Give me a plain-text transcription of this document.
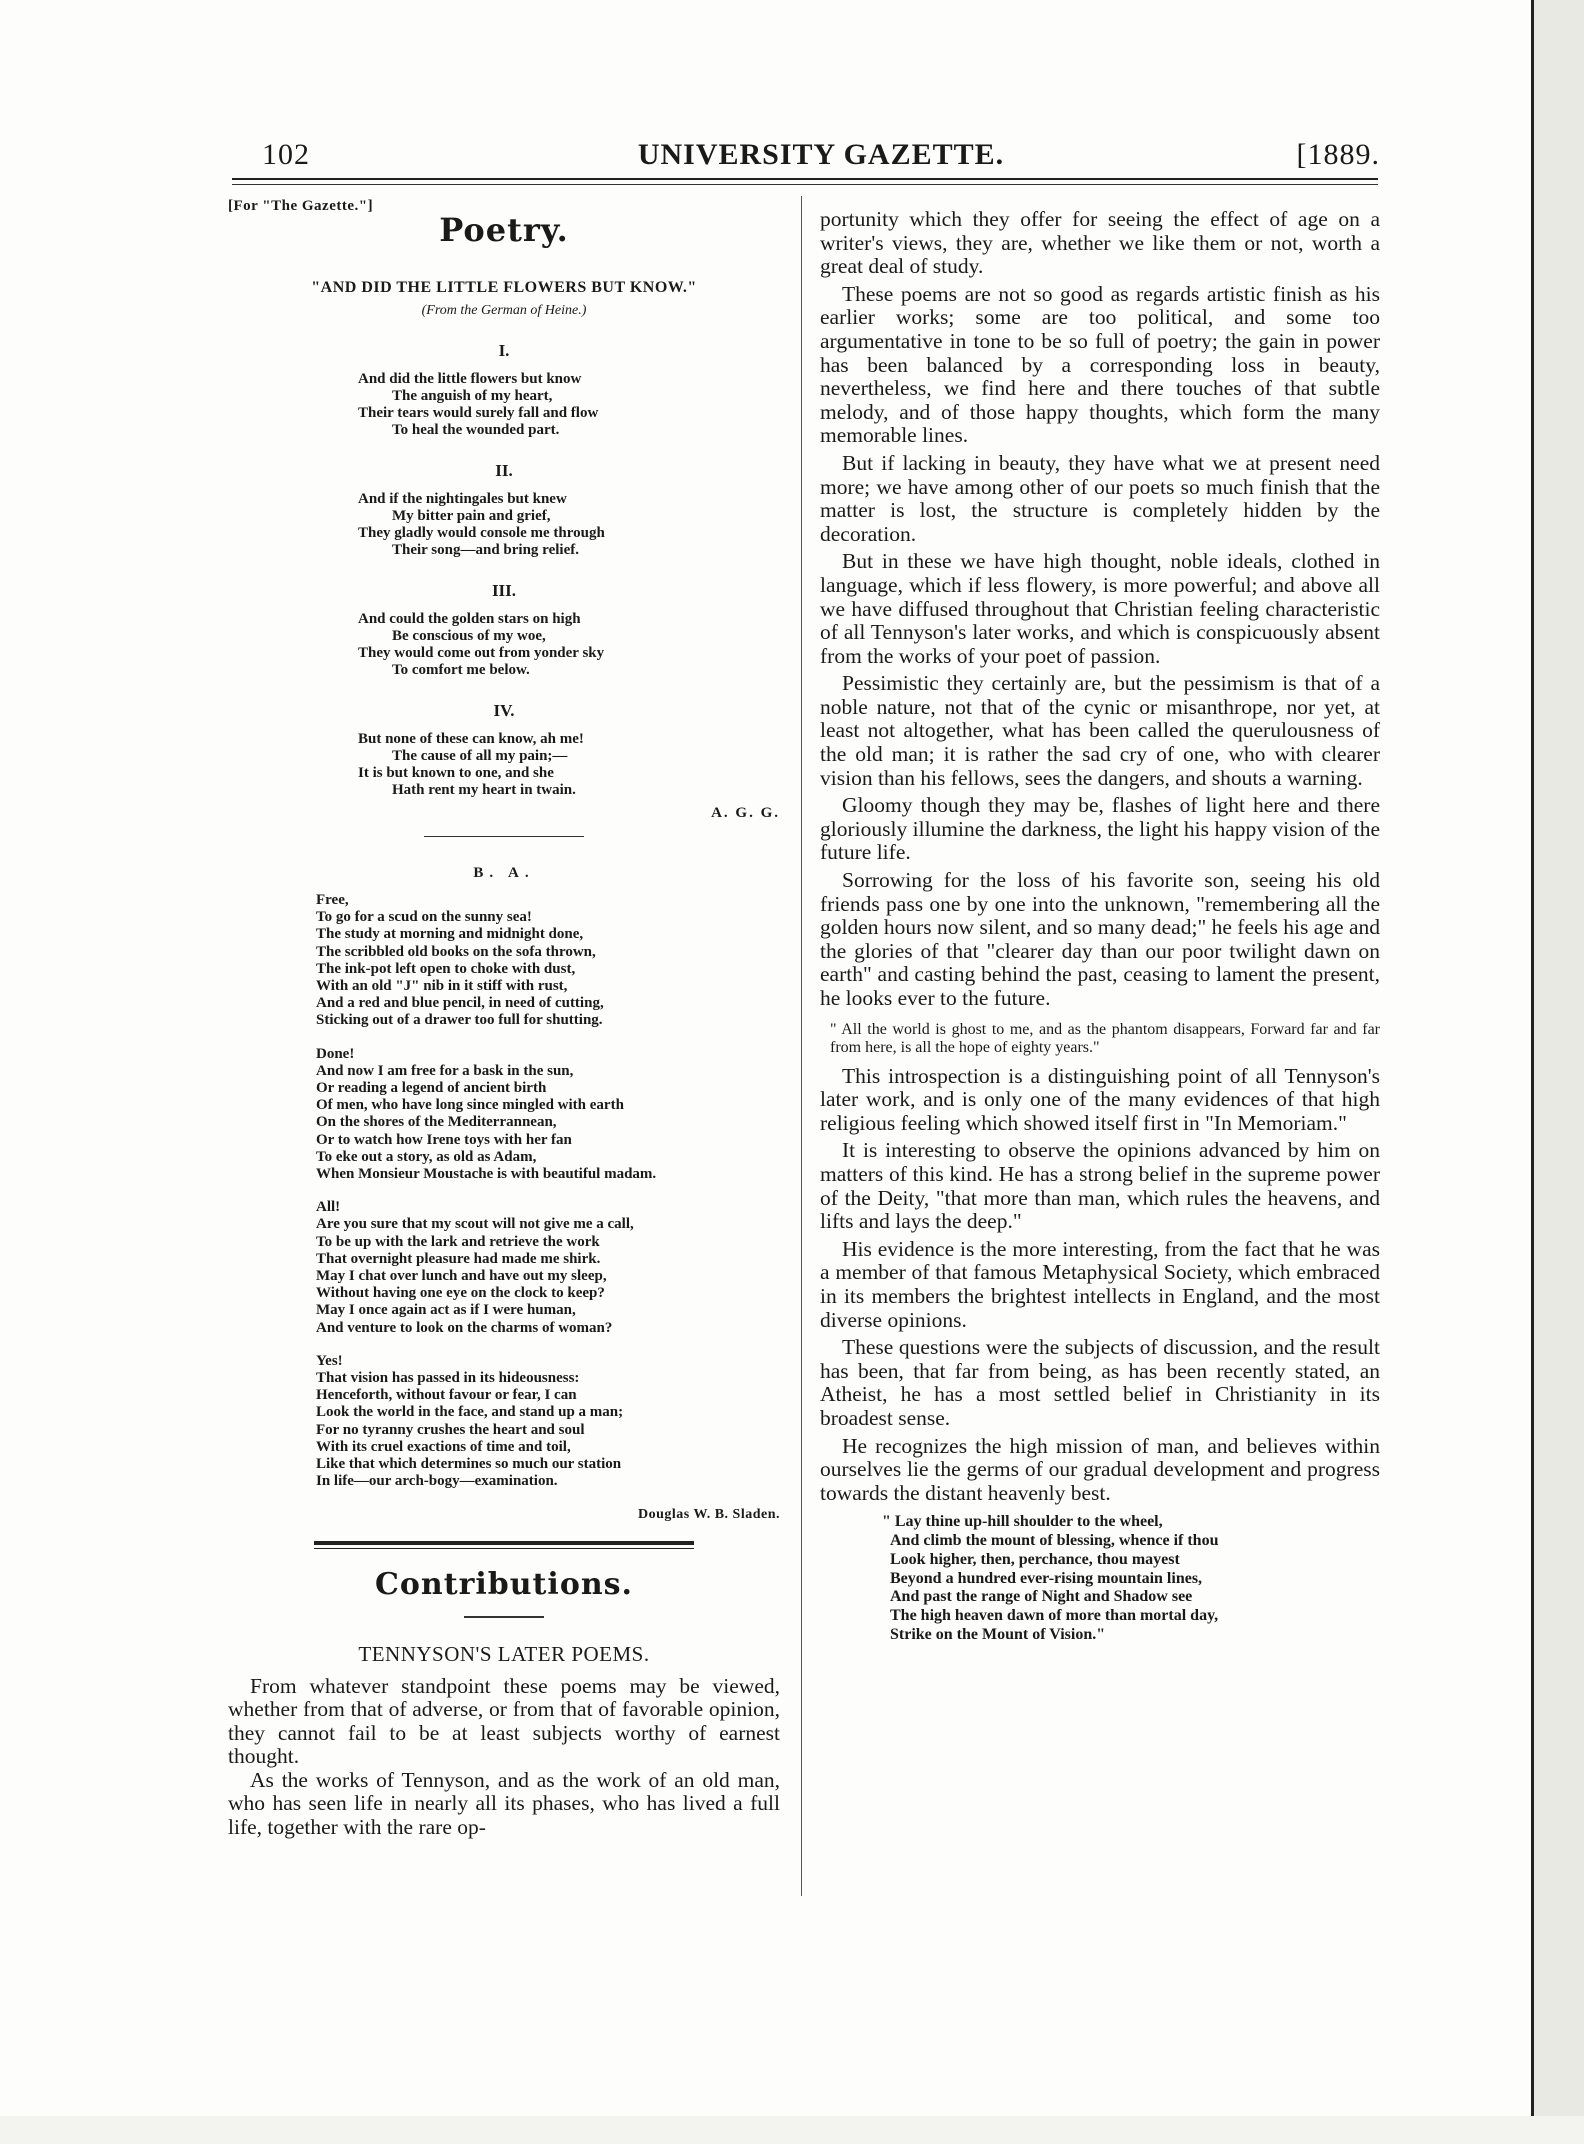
102	UNIVERSITY GAZETTE.	[1889.
[For "The Gazette."]
Poetry.
"AND DID THE LITTLE FLOWERS BUT KNOW."
(From the German of Heine.)
I.
And did the little flowers but know
The anguish of my heart,
Their tears would surely fall and flow
To heal the wounded part.
II.
And if the nightingales but knew
My bitter pain and grief,
They gladly would console me through
Their song—and bring relief.
III.
And could the golden stars on high
Be conscious of my woe,
They would come out from yonder sky
To comfort me below.
IV.
But none of these can know, ah me!
The cause of all my pain;—
It is but known to one, and she
Hath rent my heart in twain.
A. G. G.
B. A.
Free,
To go for a scud on the sunny sea!
The study at morning and midnight done,
The scribbled old books on the sofa thrown,
The ink-pot left open to choke with dust,
With an old "J" nib in it stiff with rust,
And a red and blue pencil, in need of cutting,
Sticking out of a drawer too full for shutting.
Done!
And now I am free for a bask in the sun,
Or reading a legend of ancient birth
Of men, who have long since mingled with earth
On the shores of the Mediterrannean,
Or to watch how Irene toys with her fan
To eke out a story, as old as Adam,
When Monsieur Moustache is with beautiful madam.
All!
Are you sure that my scout will not give me a call,
To be up with the lark and retrieve the work
That overnight pleasure had made me shirk.
May I chat over lunch and have out my sleep,
Without having one eye on the clock to keep?
May I once again act as if I were human,
And venture to look on the charms of woman?
Yes!
That vision has passed in its hideousness:
Henceforth, without favour or fear, I can
Look the world in the face, and stand up a man;
For no tyranny crushes the heart and soul
With its cruel exactions of time and toil,
Like that which determines so much our station
In life—our arch-bogy—examination.
Douglas W. B. Sladen.
Contributions.
TENNYSON'S LATER POEMS.

From whatever standpoint these poems may be viewed, whether from that of adverse, or from that of favorable opinion, they cannot fail to be at least subjects worthy of earnest thought.

As the works of Tennyson, and as the work of an old man, who has seen life in nearly all its phases, who has lived a full life, together with the rare op-

portunity which they offer for seeing the effect of age on a writer's views, they are, whether we like them or not, worth a great deal of study.

These poems are not so good as regards artistic finish as his earlier works; some are too political, and some too argumentative in tone to be so full of poetry; the gain in power has been balanced by a corresponding loss in beauty, nevertheless, we find here and there touches of that subtle melody, and of those happy thoughts, which form the many memorable lines.

But if lacking in beauty, they have what we at present need more; we have among other of our poets so much finish that the matter is lost, the structure is completely hidden by the decoration.

But in these we have high thought, noble ideals, clothed in language, which if less flowery, is more powerful; and above all we have diffused throughout that Christian feeling characteristic of all Tennyson's later works, and which is conspicuously absent from the works of your poet of passion.

Pessimistic they certainly are, but the pessimism is that of a noble nature, not that of the cynic or misanthrope, nor yet, at least not altogether, what has been called the querulousness of the old man; it is rather the sad cry of one, who with clearer vision than his fellows, sees the dangers, and shouts a warning.

Gloomy though they may be, flashes of light here and there gloriously illumine the darkness, the light his happy vision of the future life.

Sorrowing for the loss of his favorite son, seeing his old friends pass one by one into the unknown, "remembering all the golden hours now silent, and so many dead;" he feels his age and the glories of that "clearer day than our poor twilight dawn on earth" and casting behind the past, ceasing to lament the present, he looks ever to the future.

" All the world is ghost to me, and as the phantom disappears, Forward far and far from here, is all the hope of eighty years."

This introspection is a distinguishing point of all Tennyson's later work, and is only one of the many evidences of that high religious feeling which showed itself first in "In Memoriam."

It is interesting to observe the opinions advanced by him on matters of this kind. He has a strong belief in the supreme power of the Deity, "that more than man, which rules the heavens, and lifts and lays the deep."

His evidence is the more interesting, from the fact that he was a member of that famous Metaphysical Society, which embraced in its members the brightest intellects in England, and the most diverse opinions.

These questions were the subjects of discussion, and the result has been, that far from being, as has been recently stated, an Atheist, he has a most settled belief in Christianity in its broadest sense.

He recognizes the high mission of man, and believes within ourselves lie the germs of our gradual development and progress towards the distant heavenly best.

" Lay thine up-hill shoulder to the wheel,
And climb the mount of blessing, whence if thou
Look higher, then, perchance, thou mayest
Beyond a hundred ever-rising mountain lines,
And past the range of Night and Shadow see
The high heaven dawn of more than mortal day,
Strike on the Mount of Vision."
